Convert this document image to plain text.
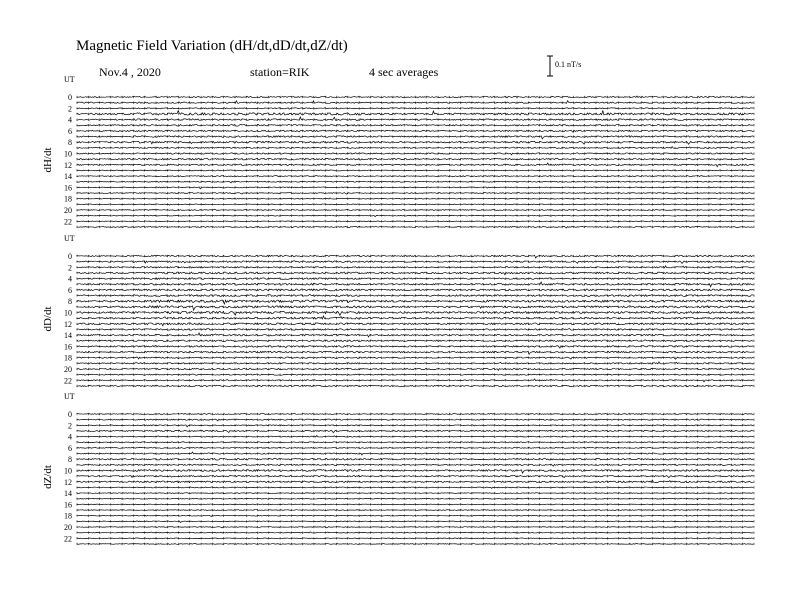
Magnetic Field Variation (dH/dt,dD/dt,dZ/dt)
Nov.4 , 2020	station=RIK	4 sec averages
0.1 nT/s
dH/dt
UT
0
2
4
6
8
10
12
14
16
18
20
22
dD/dt
UT
0
2
4
6
8
10
12
14
16
18
20
22
dZ/dt
UT
0
2
4
6
8
10
12
14
16
18
20
22
